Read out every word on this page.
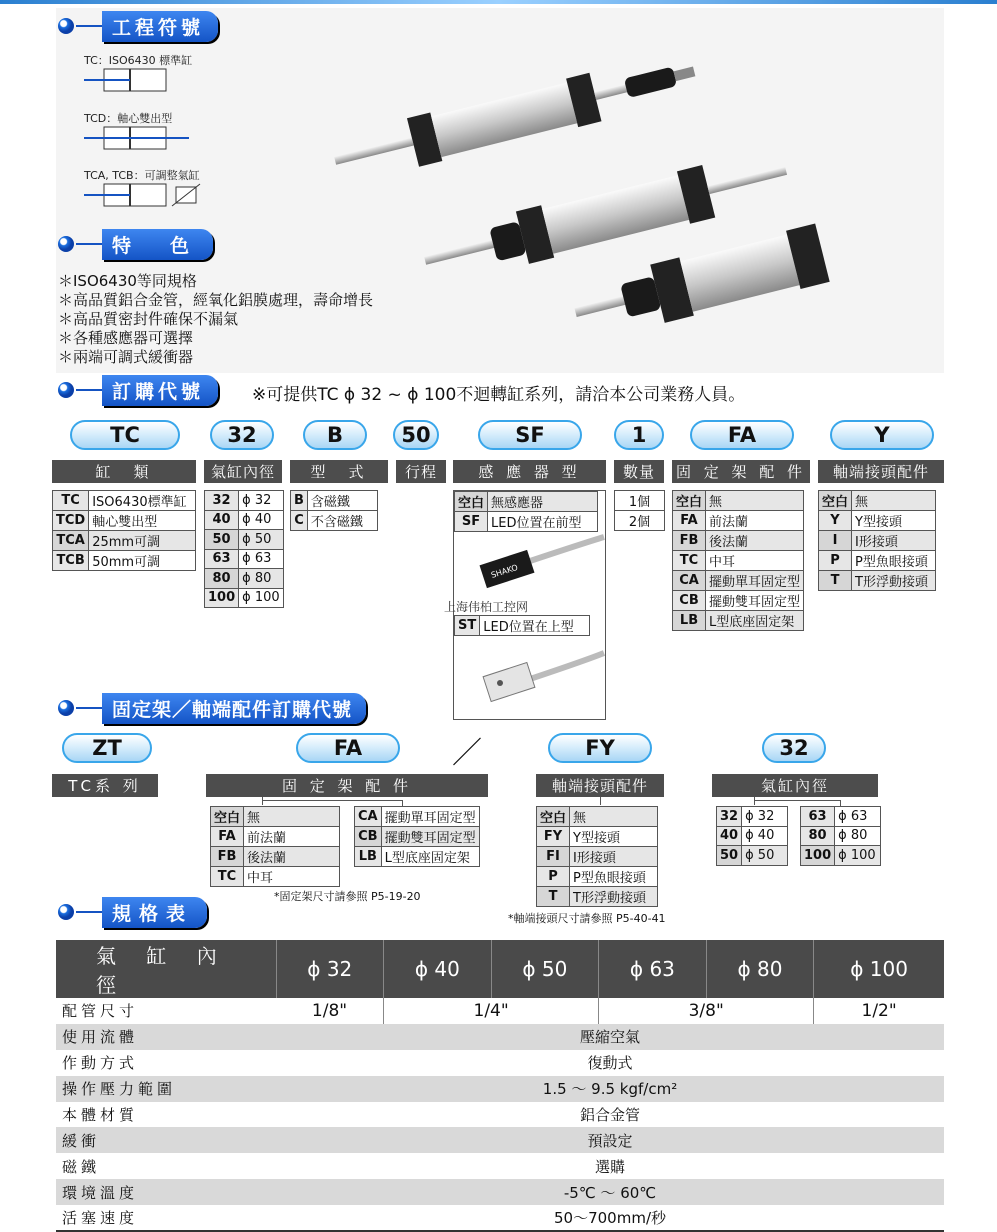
工程符號
TC：ISO6430 標準缸
TCD：軸心雙出型
TCA, TCB：可調整氣缸
特　色
＊ISO6430等同規格
＊高品質鋁合金管，經氧化鋁膜處理，壽命增長
＊高品質密封件確保不漏氣
＊各種感應器可選擇
＊兩端可調式緩衝器
訂購代號	※可提供TC ϕ 32 ~ ϕ 100不迴轉缸系列，請洽本公司業務人員。
TC	32	B	50	SF	1	FA	Y
缸　類	氣缸內徑	型　式	行程	感 應 器 型	數量	固 定 架 配 件	軸端接頭配件
TC	ISO6430標準缸
TCD	軸心雙出型
TCA	25mm可調
TCB	50mm可調
32	ϕ 32
40	ϕ 40
50	ϕ 50
63	ϕ 63
80	ϕ 80
100	ϕ 100
B	含磁鐵
C	不含磁鐵
空白	無感應器
SF	LED位置在前型
SHAKO
ST	LED位置在上型
上海伟柏工控网
1個
2個
空白	無
FA	前法蘭
FB	後法蘭
TC	中耳
CA	擺動單耳固定型
CB	擺動雙耳固定型
LB	L型底座固定架
空白	無
Y	Y型接頭
I	I形接頭
P	P型魚眼接頭
T	T形浮動接頭
固定架／軸端配件訂購代號
ZT	FA	／	FY	32
TC系 列	固 定 架 配 件	軸端接頭配件	氣缸內徑
空白	無
FA	前法蘭
FB	後法蘭
TC	中耳
CA	擺動單耳固定型
CB	擺動雙耳固定型
LB	L型底座固定架
*固定架尺寸請參照 P5-19-20
空白	無
FY	Y型接頭
FI	I形接頭
P	P型魚眼接頭
T	T形浮動接頭
*軸端接頭尺寸請參照 P5-40-41
32	ϕ 32
40	ϕ 40
50	ϕ 50
63	ϕ 63
80	ϕ 80
100	ϕ 100
規格表
氣 缸 內 徑	ϕ 32	ϕ 40	ϕ 50	ϕ 63	ϕ 80	ϕ 100
配管尺寸	1/8"	1/4"		3/8"		1/2"
使用流體	壓縮空氣					
作動方式	復動式					
操作壓力範圍	1.5 ～ 9.5 kgf/cm²					
本體材質	鋁合金管					
緩衝	預設定					
磁鐵	選購					
環境溫度	-5℃ ～ 60℃					
活塞速度	50～700mm/秒					
